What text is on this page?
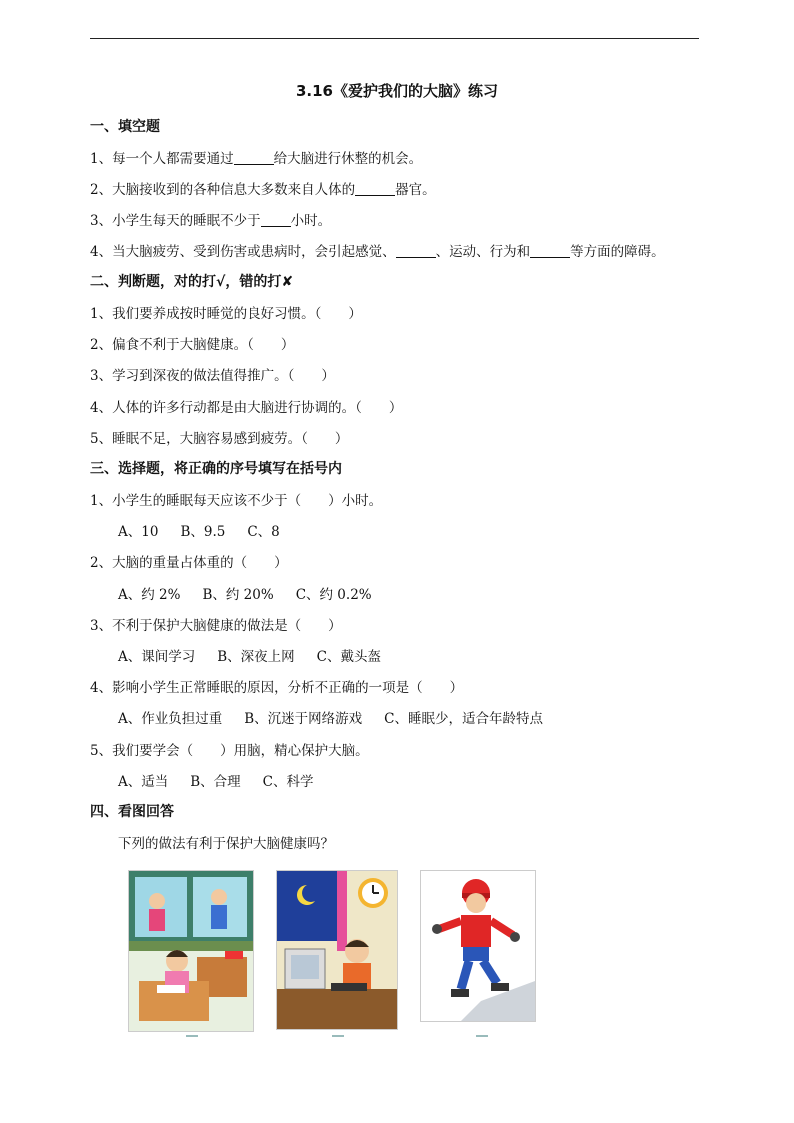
3.16《爱护我们的大脑》练习
一、填空题
1、每一个人都需要通过	给大脑进行休整的机会。
2、大脑接收到的各种信息大多数来自人体的	器官。
3、小学生每天的睡眠不少于 小时。
4、当大脑疲劳、受到伤害或患病时，会引起感觉、	、运动、行为和	等方面的障碍。
二、判断题，对的打√，错的打✘
1、我们要养成按时睡觉的良好习惯。（　　）
2、偏食不利于大脑健康。（　　）
3、学习到深夜的做法值得推广。（　　）
4、人体的许多行动都是由大脑进行协调的。（　　）
5、睡眠不足，大脑容易感到疲劳。（　　）
三、选择题，将正确的序号填写在括号内
1、小学生的睡眠每天应该不少于（　　）小时。
A、10 B、9.5 C、8
2、大脑的重量占体重的（　　）
A、约 2% B、约 20% C、约 0.2%
3、不利于保护大脑健康的做法是（　　）
A、课间学习 B、深夜上网 C、戴头盔
4、影响小学生正常睡眠的原因，分析不正确的一项是（　　）
A、作业负担过重 B、沉迷于网络游戏 C、睡眠少，适合年龄特点
5、我们要学会（　　）用脑，精心保护大脑。
A、适当 B、合理 C、科学
四、看图回答
下列的做法有利于保护大脑健康吗？
